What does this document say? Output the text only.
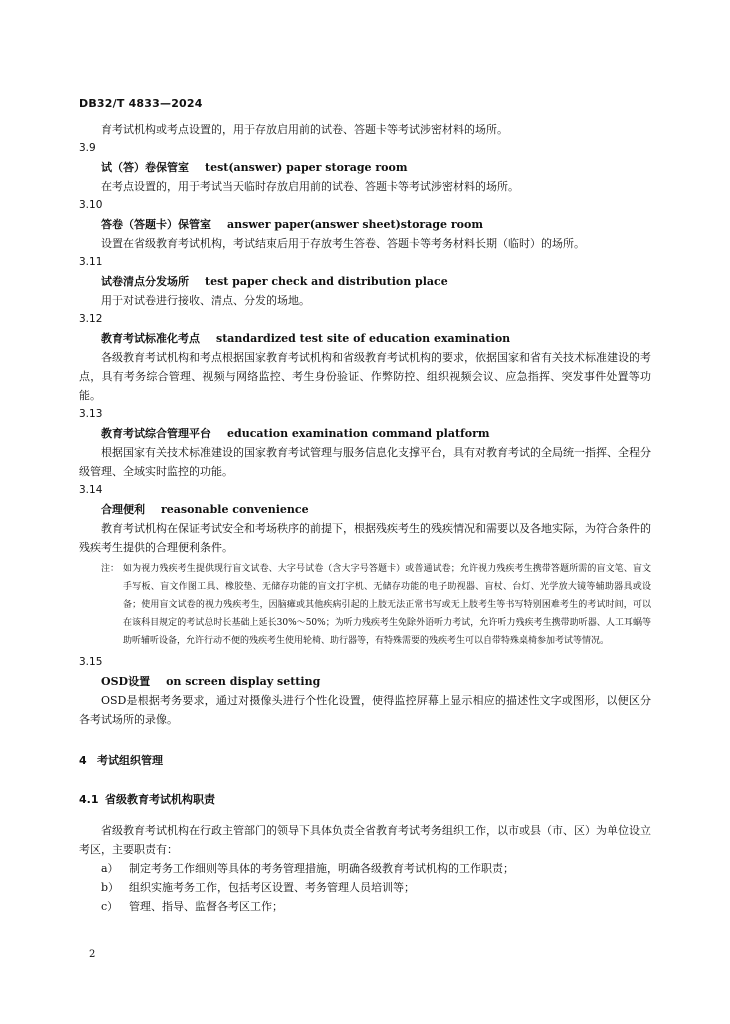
DB32/T 4833—2024

育考试机构或考点设置的，用于存放启用前的试卷、答题卡等考试涉密材料的场所。

3.9

试（答）卷保管室 test(answer) paper storage room

在考点设置的，用于考试当天临时存放启用前的试卷、答题卡等考试涉密材料的场所。

3.10

答卷（答题卡）保管室 answer paper(answer sheet)storage room

设置在省级教育考试机构，考试结束后用于存放考生答卷、答题卡等考务材料长期（临时）的场所。

3.11

试卷清点分发场所 test paper check and distribution place

用于对试卷进行接收、清点、分发的场地。

3.12

教育考试标准化考点 standardized test site of education examination

各级教育考试机构和考点根据国家教育考试机构和省级教育考试机构的要求，依据国家和省有关技术标准建设的考点，具有考务综合管理、视频与网络监控、考生身份验证、作弊防控、组织视频会议、应急指挥、突发事件处置等功能。

3.13

教育考试综合管理平台 education examination command platform

根据国家有关技术标准建设的国家教育考试管理与服务信息化支撑平台，具有对教育考试的全局统一指挥、全程分级管理、全域实时监控的功能。

3.14

合理便利 reasonable convenience

教育考试机构在保证考试安全和考场秩序的前提下，根据残疾考生的残疾情况和需要以及各地实际，为符合条件的残疾考生提供的合理便利条件。

注： 如为视力残疾考生提供现行盲文试卷、大字号试卷（含大字号答题卡）或普通试卷；允许视力残疾考生携带答题所需的盲文笔、盲文手写板、盲文作图工具、橡胶垫、无储存功能的盲文打字机、无储存功能的电子助视器、盲杖、台灯、光学放大镜等辅助器具或设备；使用盲文试卷的视力残疾考生，因脑瘫或其他疾病引起的上肢无法正常书写或无上肢考生等书写特别困难考生的考试时间，可以在该科目规定的考试总时长基础上延长30%～50%；为听力残疾考生免除外语听力考试，允许听力残疾考生携带助听器、人工耳蜗等助听辅听设备，允许行动不便的残疾考生使用轮椅、助行器等，有特殊需要的残疾考生可以自带特殊桌椅参加考试等情况。

3.15

OSD设置 on screen display setting

OSD是根据考务要求，通过对摄像头进行个性化设置，使得监控屏幕上显示相应的描述性文字或图形，以便区分各考试场所的录像。

4 考试组织管理
4.1 省级教育考试机构职责

省级教育考试机构在行政主管部门的领导下具体负责全省教育考试考务组织工作，以市或县（市、区）为单位设立考区，主要职责有：

a） 制定考务工作细则等具体的考务管理措施，明确各级教育考试机构的工作职责；
b） 组织实施考务工作，包括考区设置、考务管理人员培训等；
c） 管理、指导、监督各考区工作；
2
